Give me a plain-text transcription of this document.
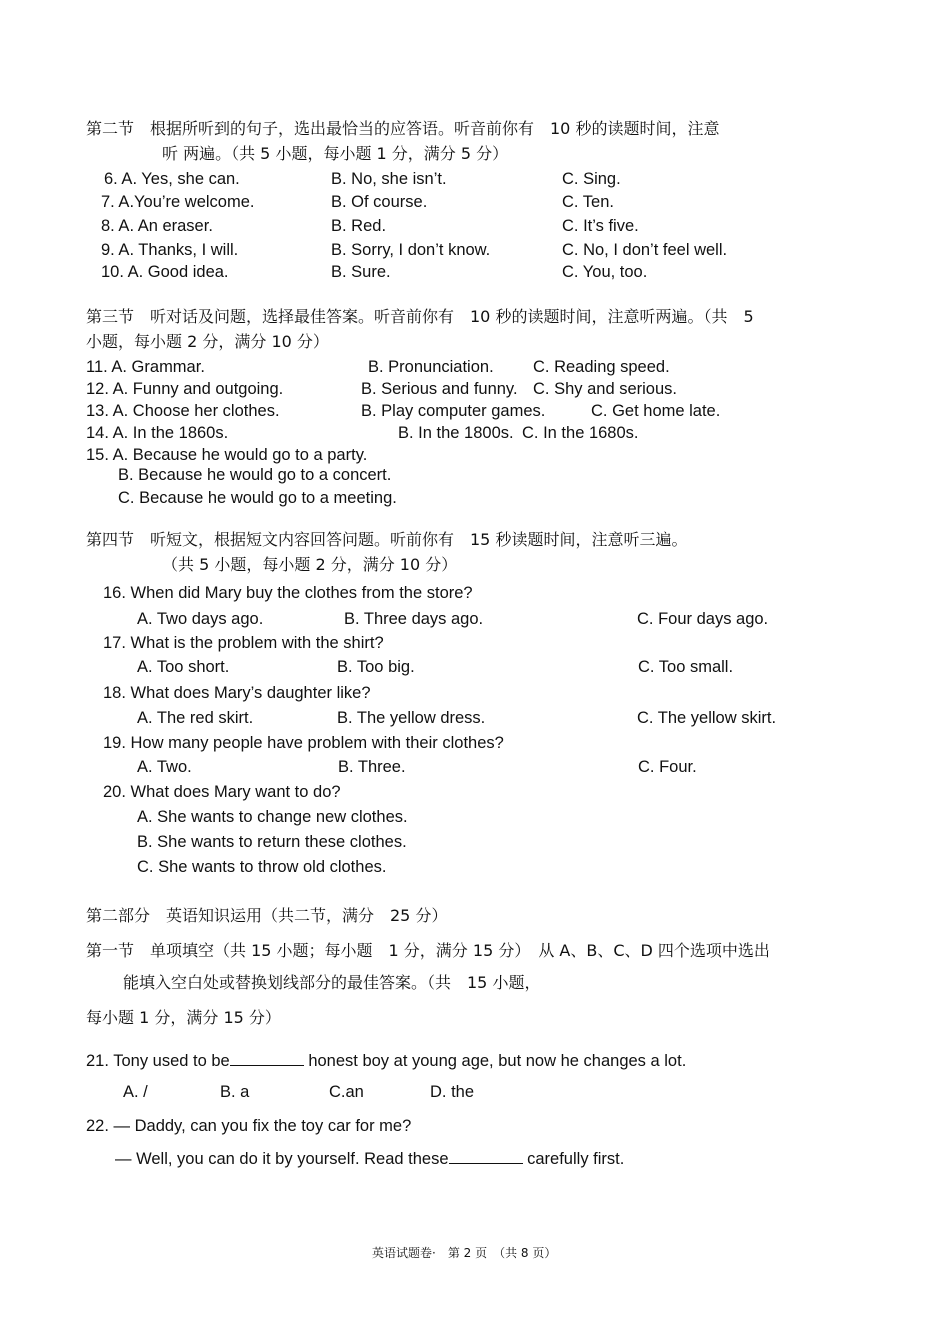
第二节　根据所听到的句子，选出最恰当的应答语。听音前你有　10 秒的读题时间，注意
听 两遍。（共 5 小题，每小题 1 分，满分 5 分）
6. A. Yes, she can.	B. No, she isn’t.	C. Sing.
7. A.You’re welcome.	B. Of course.	C. Ten.
8. A. An eraser.	B. Red.	C. It’s five.
9. A. Thanks, I will.	B. Sorry, I don’t know.	C. No, I don’t feel well.
10. A. Good idea.	B. Sure.	C. You, too.
第三节　听对话及问题，选择最佳答案。听音前你有　10 秒的读题时间，注意听两遍。（共　5
小题，每小题 2 分，满分 10 分）
11. A. Grammar.	B. Pronunciation. C. Reading speed.
12. A. Funny and outgoing.	B. Serious and funny. C. Shy and serious.
13. A. Choose her clothes.	B. Play computer games.	C. Get home late.
14. A. In the 1860s.	B. In the 1800s. C. In the 1680s.
15. A. Because he would go to a party.
B. Because he would go to a concert.
C. Because he would go to a meeting.
第四节　听短文，根据短文内容回答问题。听前你有　15 秒读题时间，注意听三遍。
（共 5 小题，每小题 2 分，满分 10 分）
16. When did Mary buy the clothes from the store?
A. Two days ago.	B. Three days ago.	C. Four days ago.
17. What is the problem with the shirt?
A. Too short.	B. Too big.	C. Too small.
18. What does Mary’s daughter like?
A. The red skirt.	B. The yellow dress.	C. The yellow skirt.
19. How many people have problem with their clothes?
A. Two.	B. Three.	C. Four.
20. What does Mary want to do?
A. She wants to change new clothes.
B. She wants to return these clothes.
C. She wants to throw old clothes.
第二部分　英语知识运用（共二节，满分　25 分）
第一节　单项填空（共 15 小题；每小题　1 分，满分 15 分）　从 A、B、C、D 四个选项中选出
能填入空白处或替换划线部分的最佳答案。（共　15 小题，
每小题 1 分，满分 15 分）
21. Tony used to be	honest boy at young age, but now he changes a lot.
A. /	B. a	C.an	D. the
22. — Daddy, can you fix the toy car for me?
— Well, you can do it by yourself. Read these	carefully first.
英语试题卷·　第 2 页　（共 8 页）
